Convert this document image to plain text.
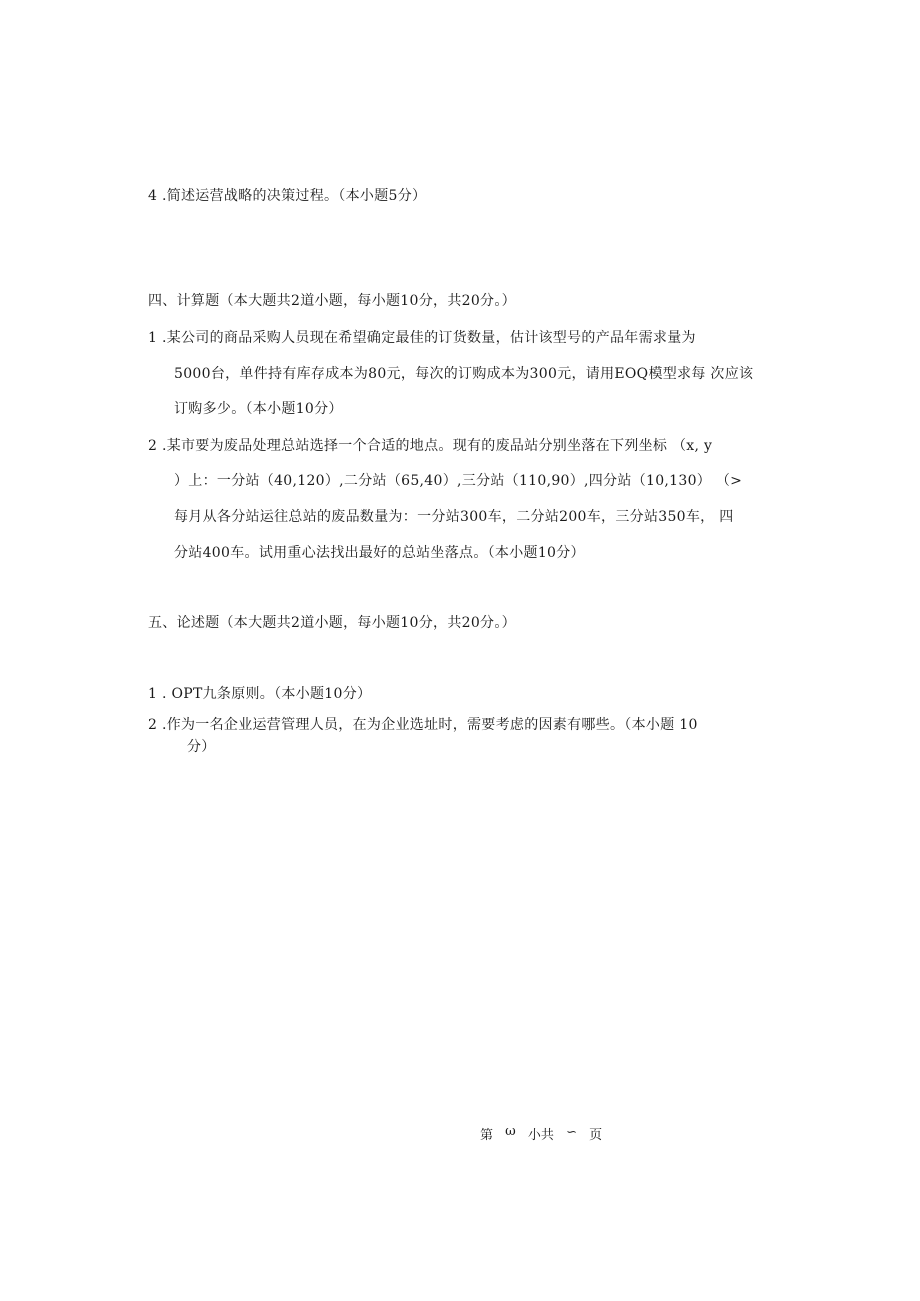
4 .简述运营战略的决策过程。（本小题5分）
四、计算题（本大题共2道小题，每小题10分，共20分。）
1 .某公司的商品采购人员现在希望确定最佳的订货数量，估计该型号的产品年需求量为
5000台，单件持有库存成本为80元，每次的订购成本为300元，请用EOQ模型求每 次应该
订购多少。（本小题10分）
2 .某市要为废品处理总站选择一个合适的地点。现有的废品站分别坐落在下列坐标 （x, y
）上：一分站（40,120）,二分站（65,40）,三分站（110,90）,四分站（10,130） （>
每月从各分站运往总站的废品数量为：一分站300车，二分站200车，三分站350车， 四
分站400车。试用重心法找出最好的总站坐落点。（本小题10分）
五、论述题（本大题共2道小题，每小题10分，共20分。）
1 . OPT九条原则。（本小题10分）
2 .作为一名企业运营管理人员，在为企业选址时，需要考虑的因素有哪些。（本小题 10
分）
第 ω 小共 ∽ 页
